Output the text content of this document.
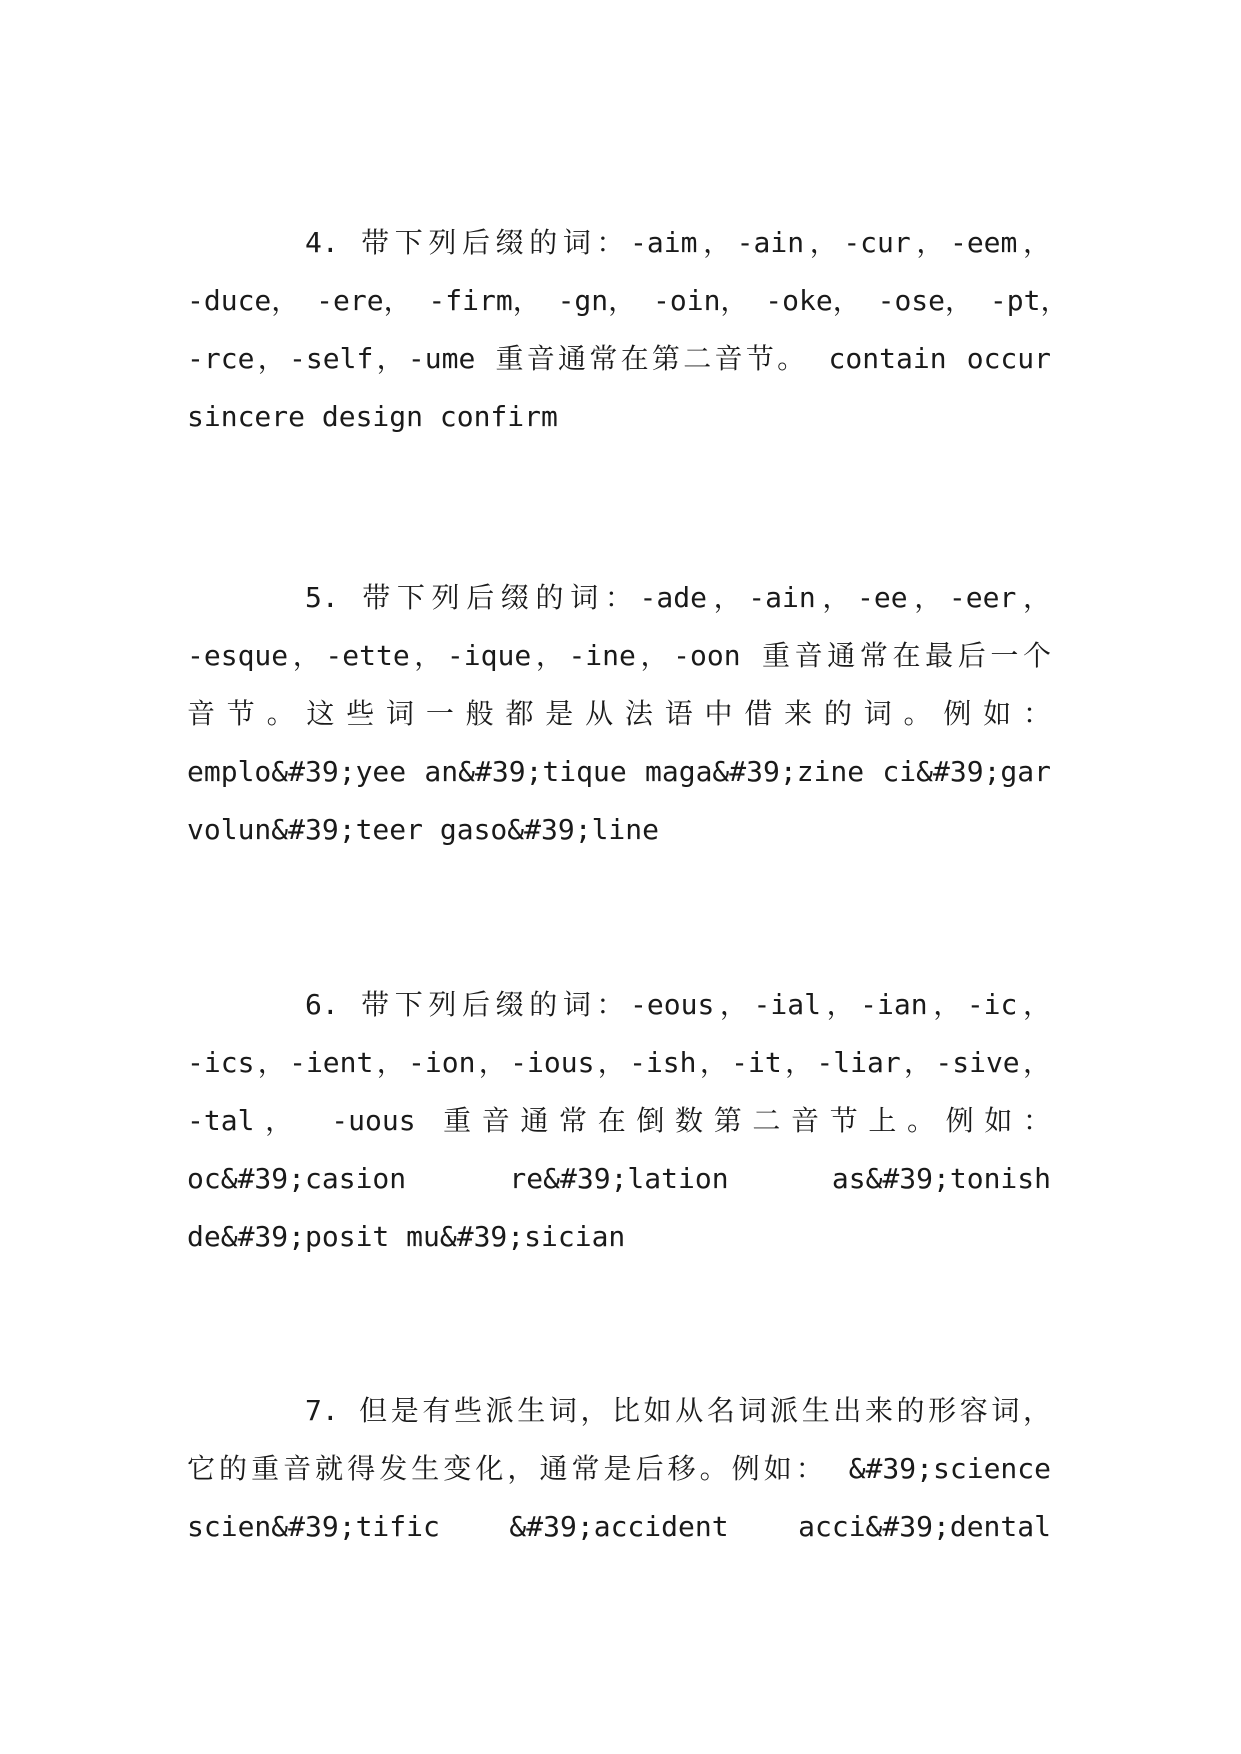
4. 带下列后缀的词：-aim，-ain，-cur，-eem，
-duce， -ere， -firm， -gn， -oin， -oke， -ose， -pt，
-rce，-self，-ume 重音通常在第二音节。 contain occur
sincere design confirm
5. 带下列后缀的词：-ade，-ain，-ee，-eer，
-esque，-ette，-ique，-ine，-oon 重音通常在最后一个
音节。这些词一般都是从法语中借来的词。例如：
emplo&#39;yee an&#39;tique maga&#39;zine ci&#39;gar
volun&#39;teer gaso&#39;line
6. 带下列后缀的词：-eous，-ial，-ian，-ic，
-ics，-ient，-ion，-ious，-ish，-it，-liar，-sive，
-tal， -uous 重音通常在倒数第二音节上。例如：
oc&#39;casion re&#39;lation as&#39;tonish
de&#39;posit mu&#39;sician
7. 但是有些派生词，比如从名词派生出来的形容词，
它的重音就得发生变化，通常是后移。例如： &#39;science
scien&#39;tific &#39;accident acci&#39;dental
